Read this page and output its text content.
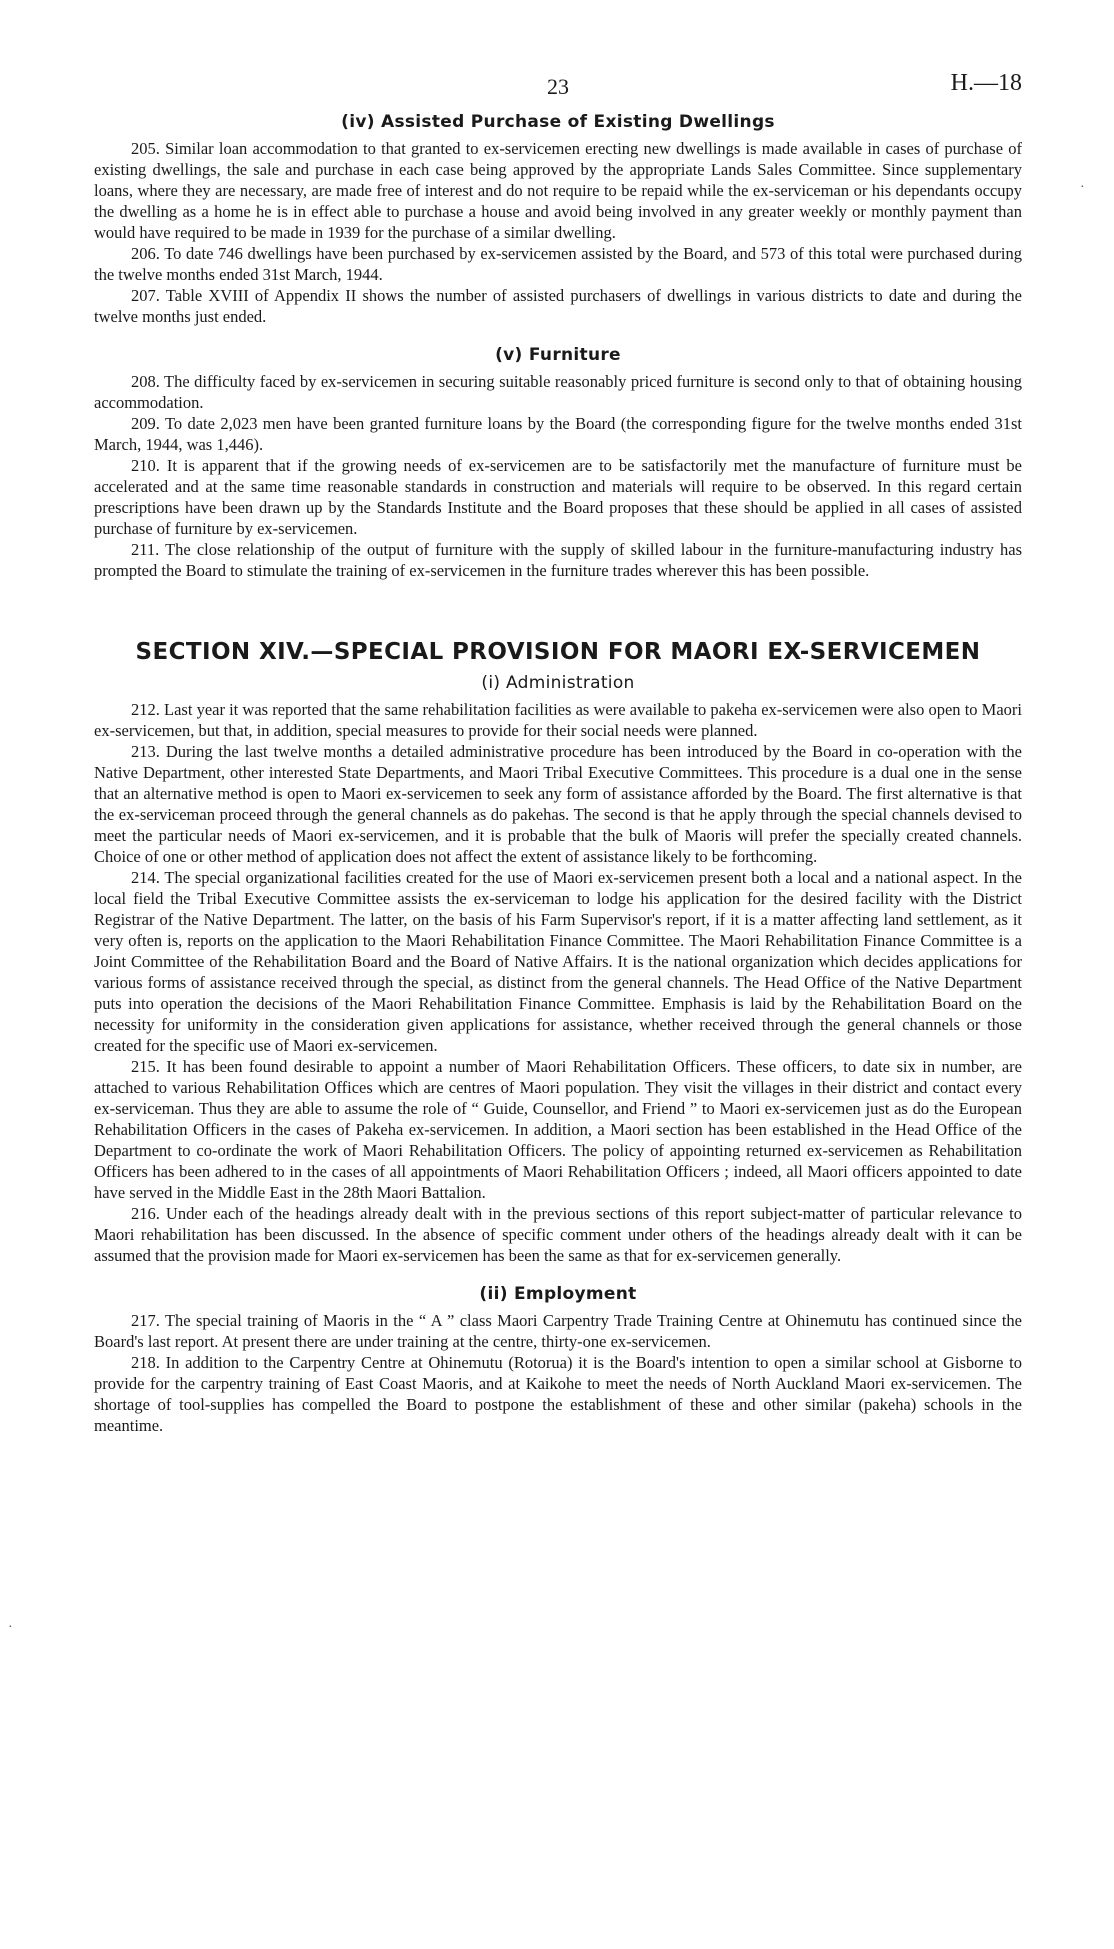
23	H.—18
(iv) Assisted Purchase of Existing Dwellings

205. Similar loan accommodation to that granted to ex-servicemen erecting new dwellings is made available in cases of purchase of existing dwellings, the sale and purchase in each case being approved by the appropriate Lands Sales Committee. Since supplementary loans, where they are necessary, are made free of interest and do not require to be repaid while the ex-serviceman or his dependants occupy the dwelling as a home he is in effect able to purchase a house and avoid being involved in any greater weekly or monthly payment than would have required to be made in 1939 for the purchase of a similar dwelling.

206. To date 746 dwellings have been purchased by ex-servicemen assisted by the Board, and 573 of this total were purchased during the twelve months ended 31st March, 1944.

207. Table XVIII of Appendix II shows the number of assisted purchasers of dwellings in various districts to date and during the twelve months just ended.

(v) Furniture

208. The difficulty faced by ex-servicemen in securing suitable reasonably priced furniture is second only to that of obtaining housing accommodation.

209. To date 2,023 men have been granted furniture loans by the Board (the corresponding figure for the twelve months ended 31st March, 1944, was 1,446).

210. It is apparent that if the growing needs of ex-servicemen are to be satisfactorily met the manufacture of furniture must be accelerated and at the same time reasonable standards in construction and materials will require to be observed. In this regard certain prescriptions have been drawn up by the Standards Institute and the Board proposes that these should be applied in all cases of assisted purchase of furniture by ex-servicemen.

211. The close relationship of the output of furniture with the supply of skilled labour in the furniture-manufacturing industry has prompted the Board to stimulate the training of ex-servicemen in the furniture trades wherever this has been possible.

SECTION XIV.—SPECIAL PROVISION FOR MAORI EX-SERVICEMEN
(i) Administration

212. Last year it was reported that the same rehabilitation facilities as were available to pakeha ex-servicemen were also open to Maori ex-servicemen, but that, in addition, special measures to provide for their social needs were planned.

213. During the last twelve months a detailed administrative procedure has been introduced by the Board in co-operation with the Native Department, other interested State Departments, and Maori Tribal Executive Committees. This procedure is a dual one in the sense that an alternative method is open to Maori ex-servicemen to seek any form of assistance afforded by the Board. The first alternative is that the ex-serviceman proceed through the general channels as do pakehas. The second is that he apply through the special channels devised to meet the particular needs of Maori ex-servicemen, and it is probable that the bulk of Maoris will prefer the specially created channels. Choice of one or other method of application does not affect the extent of assistance likely to be forthcoming.

214. The special organizational facilities created for the use of Maori ex-servicemen present both a local and a national aspect. In the local field the Tribal Executive Committee assists the ex-serviceman to lodge his application for the desired facility with the District Registrar of the Native Department. The latter, on the basis of his Farm Supervisor's report, if it is a matter affecting land settlement, as it very often is, reports on the application to the Maori Rehabilitation Finance Committee. The Maori Rehabilitation Finance Committee is a Joint Committee of the Rehabilitation Board and the Board of Native Affairs. It is the national organization which decides applications for various forms of assistance received through the special, as distinct from the general channels. The Head Office of the Native Department puts into operation the decisions of the Maori Rehabilitation Finance Committee. Emphasis is laid by the Rehabilitation Board on the necessity for uniformity in the consideration given applications for assistance, whether received through the general channels or those created for the specific use of Maori ex-servicemen.

215. It has been found desirable to appoint a number of Maori Rehabilitation Officers. These officers, to date six in number, are attached to various Rehabilitation Offices which are centres of Maori population. They visit the villages in their district and contact every ex-serviceman. Thus they are able to assume the role of “ Guide, Counsellor, and Friend ” to Maori ex-servicemen just as do the European Rehabilitation Officers in the cases of Pakeha ex-servicemen. In addition, a Maori section has been established in the Head Office of the Department to co-ordinate the work of Maori Rehabilitation Officers. The policy of appointing returned ex-servicemen as Rehabilitation Officers has been adhered to in the cases of all appointments of Maori Rehabilitation Officers ; indeed, all Maori officers appointed to date have served in the Middle East in the 28th Maori Battalion.

216. Under each of the headings already dealt with in the previous sections of this report subject-matter of particular relevance to Maori rehabilitation has been discussed. In the absence of specific comment under others of the headings already dealt with it can be assumed that the provision made for Maori ex-servicemen has been the same as that for ex-servicemen generally.

(ii) Employment

217. The special training of Maoris in the “ A ” class Maori Carpentry Trade Training Centre at Ohinemutu has continued since the Board's last report. At present there are under training at the centre, thirty-one ex-servicemen.

218. In addition to the Carpentry Centre at Ohinemutu (Rotorua) it is the Board's intention to open a similar school at Gisborne to provide for the carpentry training of East Coast Maoris, and at Kaikohe to meet the needs of North Auckland Maori ex-servicemen. The shortage of tool-supplies has compelled the Board to postpone the establishment of these and other similar (pakeha) schools in the meantime.

·
·
